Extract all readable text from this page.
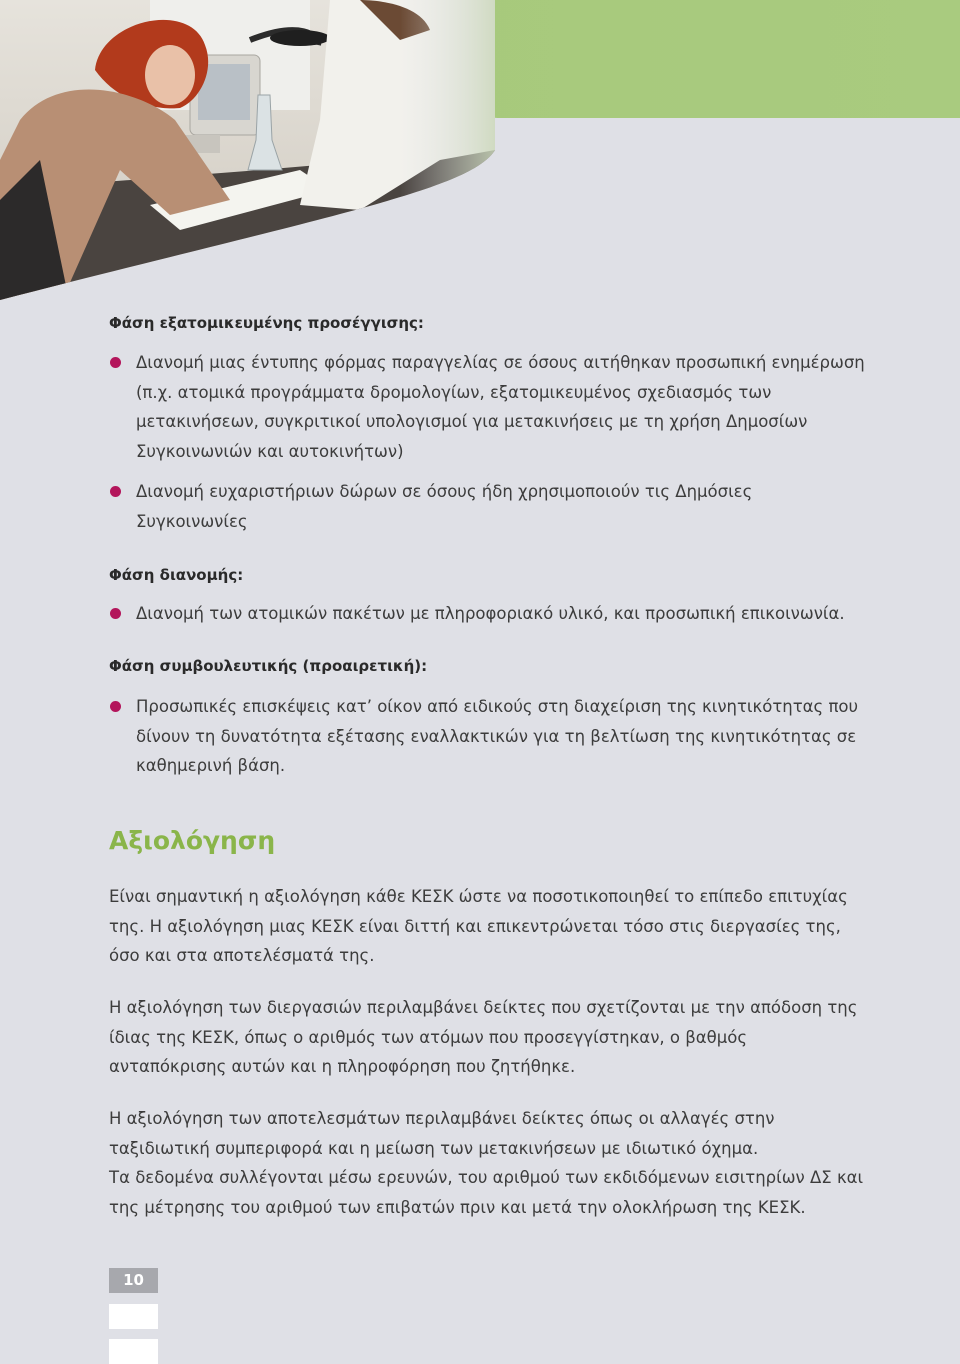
Φάση εξατομικευμένης προσέγγισης:
Διανομή μιας έντυπης φόρμας παραγγελίας σε όσους αιτήθηκαν προσωπική ενημέρωση (π.χ. ατομικά προγράμματα δρομολογίων, εξατομικευμένος σχεδιασμός των μετακινήσεων, συγκριτικοί υπολογισμοί για μετακινήσεις με τη χρήση Δημοσίων Συγκοινωνιών και αυτοκινήτων)
Διανομή ευχαριστήριων δώρων σε όσους ήδη χρησιμοποιούν τις Δημόσιες Συγκοινωνίες
Φάση διανομής:
Διανομή των ατομικών πακέτων με πληροφοριακό υλικό, και προσωπική επικοινωνία.
Φάση συμβουλευτικής (προαιρετική):
Προσωπικές επισκέψεις κατ’ οίκον από ειδικούς στη διαχείριση της κινητικότητας που δίνουν τη δυνατότητα εξέτασης εναλλακτικών για τη βελτίωση της κινητικότητας σε καθημερινή βάση.
Αξιολόγηση

Είναι σημαντική η αξιολόγηση κάθε ΚΕΣΚ ώστε να ποσοτικοποιηθεί το επίπεδο επιτυχίας της. Η αξιολόγηση μιας ΚΕΣΚ είναι διττή και επικεντρώνεται τόσο στις διεργασίες της, όσο και στα αποτελέσματά της.

Η αξιολόγηση των διεργασιών περιλαμβάνει δείκτες που σχετίζονται με την απόδοση της ίδιας της ΚΕΣΚ, όπως ο αριθμός των ατόμων που προσεγγίστηκαν, ο βαθμός ανταπόκρισης αυτών και η πληροφόρηση που ζητήθηκε.

Η αξιολόγηση των αποτελεσμάτων περιλαμβάνει δείκτες όπως οι αλλαγές στην ταξιδιωτική συμπεριφορά και η μείωση των μετακινήσεων με ιδιωτικό όχημα.

Τα δεδομένα συλλέγονται μέσω ερευνών, του αριθμού των εκδιδόμενων εισιτηρίων ΔΣ και της μέτρησης του αριθμού των επιβατών πριν και μετά την ολοκλήρωση της ΚΕΣΚ.

10
